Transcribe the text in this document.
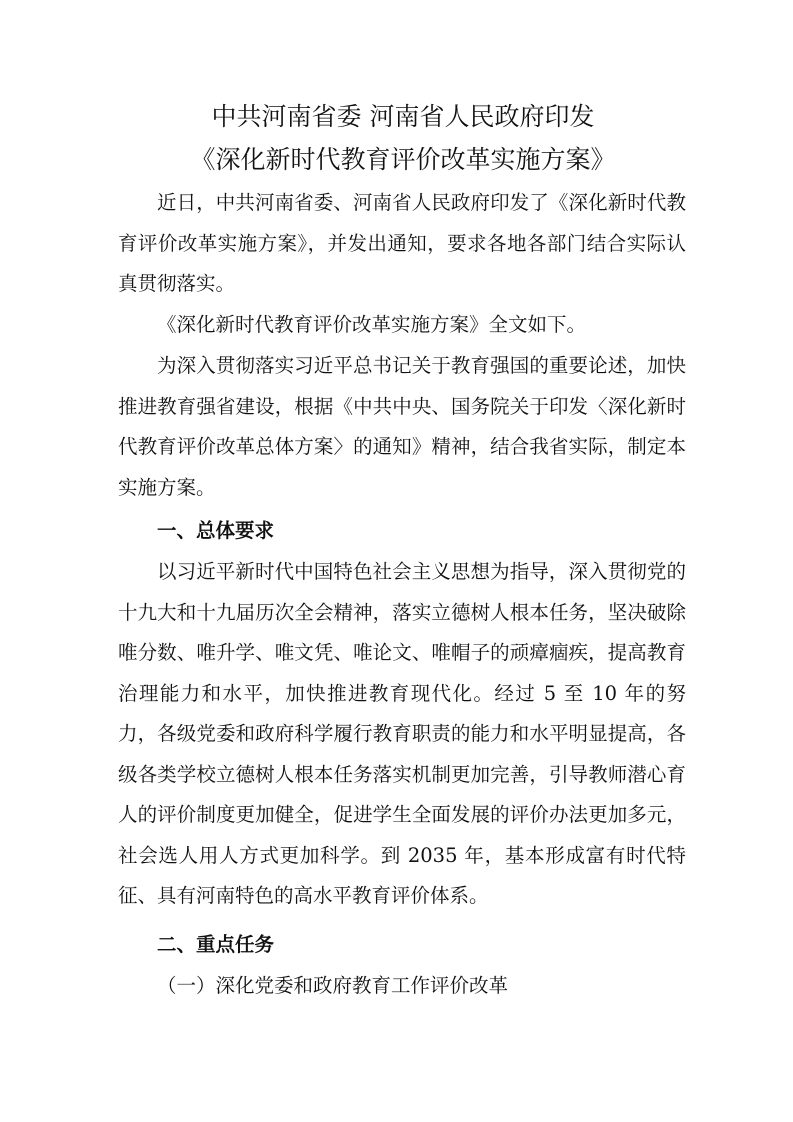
中共河南省委 河南省人民政府印发
《深化新时代教育评价改革实施方案》

近日，中共河南省委、河南省人民政府印发了《深化新时代教育评价改革实施方案》，并发出通知，要求各地各部门结合实际认真贯彻落实。

《深化新时代教育评价改革实施方案》全文如下。

为深入贯彻落实习近平总书记关于教育强国的重要论述，加快推进教育强省建设，根据《中共中央、国务院关于印发〈深化新时代教育评价改革总体方案〉的通知》精神，结合我省实际，制定本实施方案。

一、总体要求

以习近平新时代中国特色社会主义思想为指导，深入贯彻党的十九大和十九届历次全会精神，落实立德树人根本任务，坚决破除唯分数、唯升学、唯文凭、唯论文、唯帽子的顽瘴痼疾，提高教育治理能力和水平，加快推进教育现代化。经过 5 至 10 年的努力，各级党委和政府科学履行教育职责的能力和水平明显提高，各级各类学校立德树人根本任务落实机制更加完善，引导教师潜心育人的评价制度更加健全，促进学生全面发展的评价办法更加多元，社会选人用人方式更加科学。到 2035 年，基本形成富有时代特征、具有河南特色的高水平教育评价体系。

二、重点任务

（一）深化党委和政府教育工作评价改革
